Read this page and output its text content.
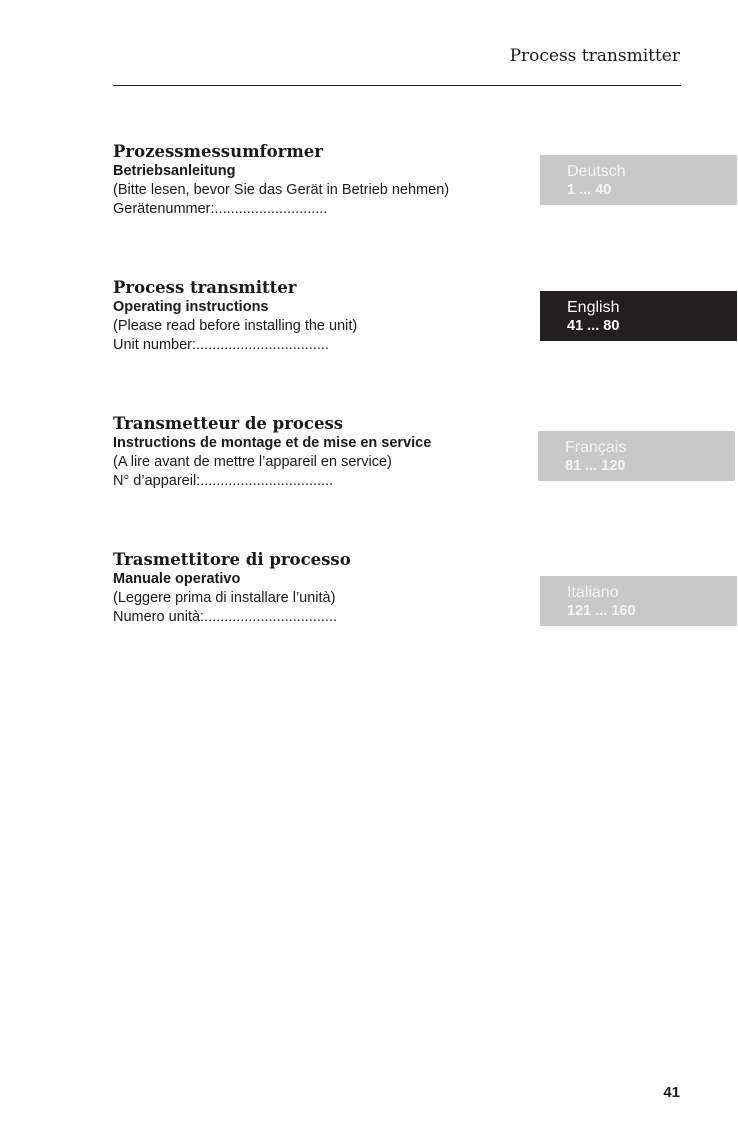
Process transmitter
Prozessmessumformer
Betriebsanleitung
(Bitte lesen, bevor Sie das Gerät in Betrieb nehmen)
Gerätenummer:............................
Deutsch
1 ... 40
Process transmitter
Operating instructions
(Please read before installing the unit)
Unit number:.................................
English
41 ... 80
Transmetteur de process
Instructions de montage et de mise en service
(A lire avant de mettre l’appareil en service)
N° d’appareil:.................................
Français
81 ... 120
Trasmettitore di processo
Manuale operativo
(Leggere prima di installare l’unità)
Numero unità:.................................
Italiano
121 ... 160
41
